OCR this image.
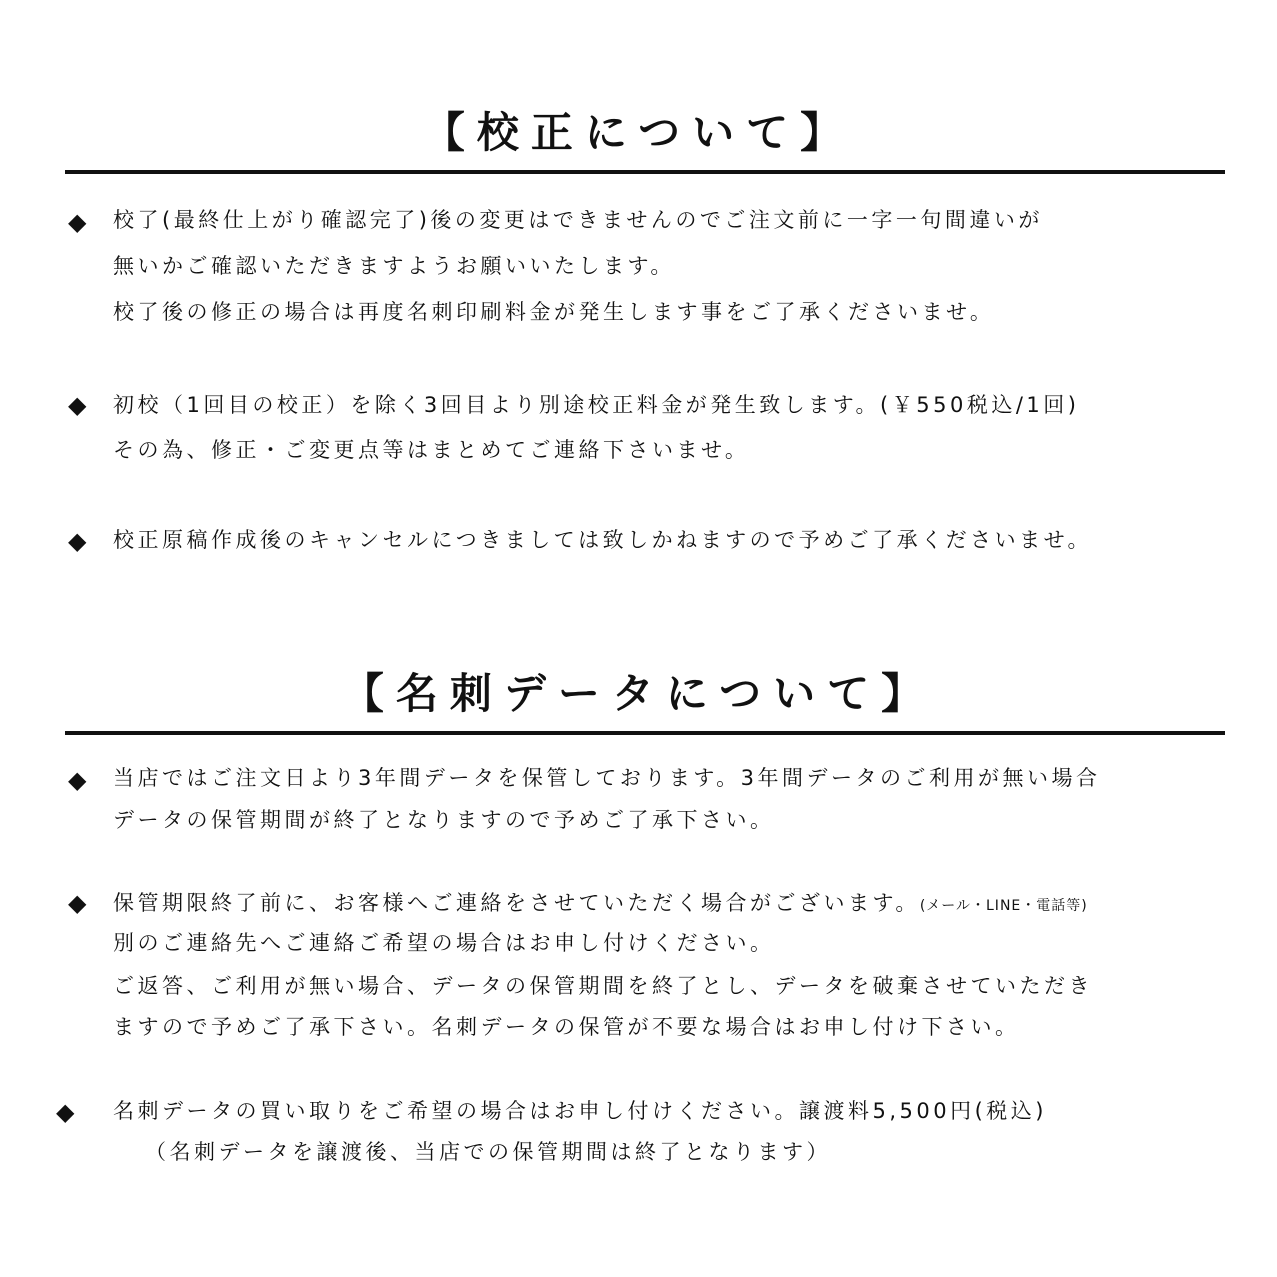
【校正について】
◆ 校了(最終仕上がり確認完了)後の変更はできませんのでご注文前に一字一句間違いが
無いかご確認いただきますようお願いいたします。
校了後の修正の場合は再度名刺印刷料金が発生します事をご了承くださいませ。
◆ 初校（1回目の校正）を除く3回目より別途校正料金が発生致します。(￥550税込/1回)
その為、修正・ご変更点等はまとめてご連絡下さいませ。
◆ 校正原稿作成後のキャンセルにつきましては致しかねますので予めご了承くださいませ。
【名刺データについて】
◆ 当店ではご注文日より3年間データを保管しております。3年間データのご利用が無い場合
データの保管期間が終了となりますので予めご了承下さい。
◆ 保管期限終了前に、お客様へご連絡をさせていただく場合がございます。(メール・LINE・電話等)
別のご連絡先へご連絡ご希望の場合はお申し付けください。
ご返答、ご利用が無い場合、データの保管期間を終了とし、データを破棄させていただき
ますので予めご了承下さい。名刺データの保管が不要な場合はお申し付け下さい。
◆ 名刺データの買い取りをご希望の場合はお申し付けください。譲渡料5,500円(税込)
（名刺データを譲渡後、当店での保管期間は終了となります）
